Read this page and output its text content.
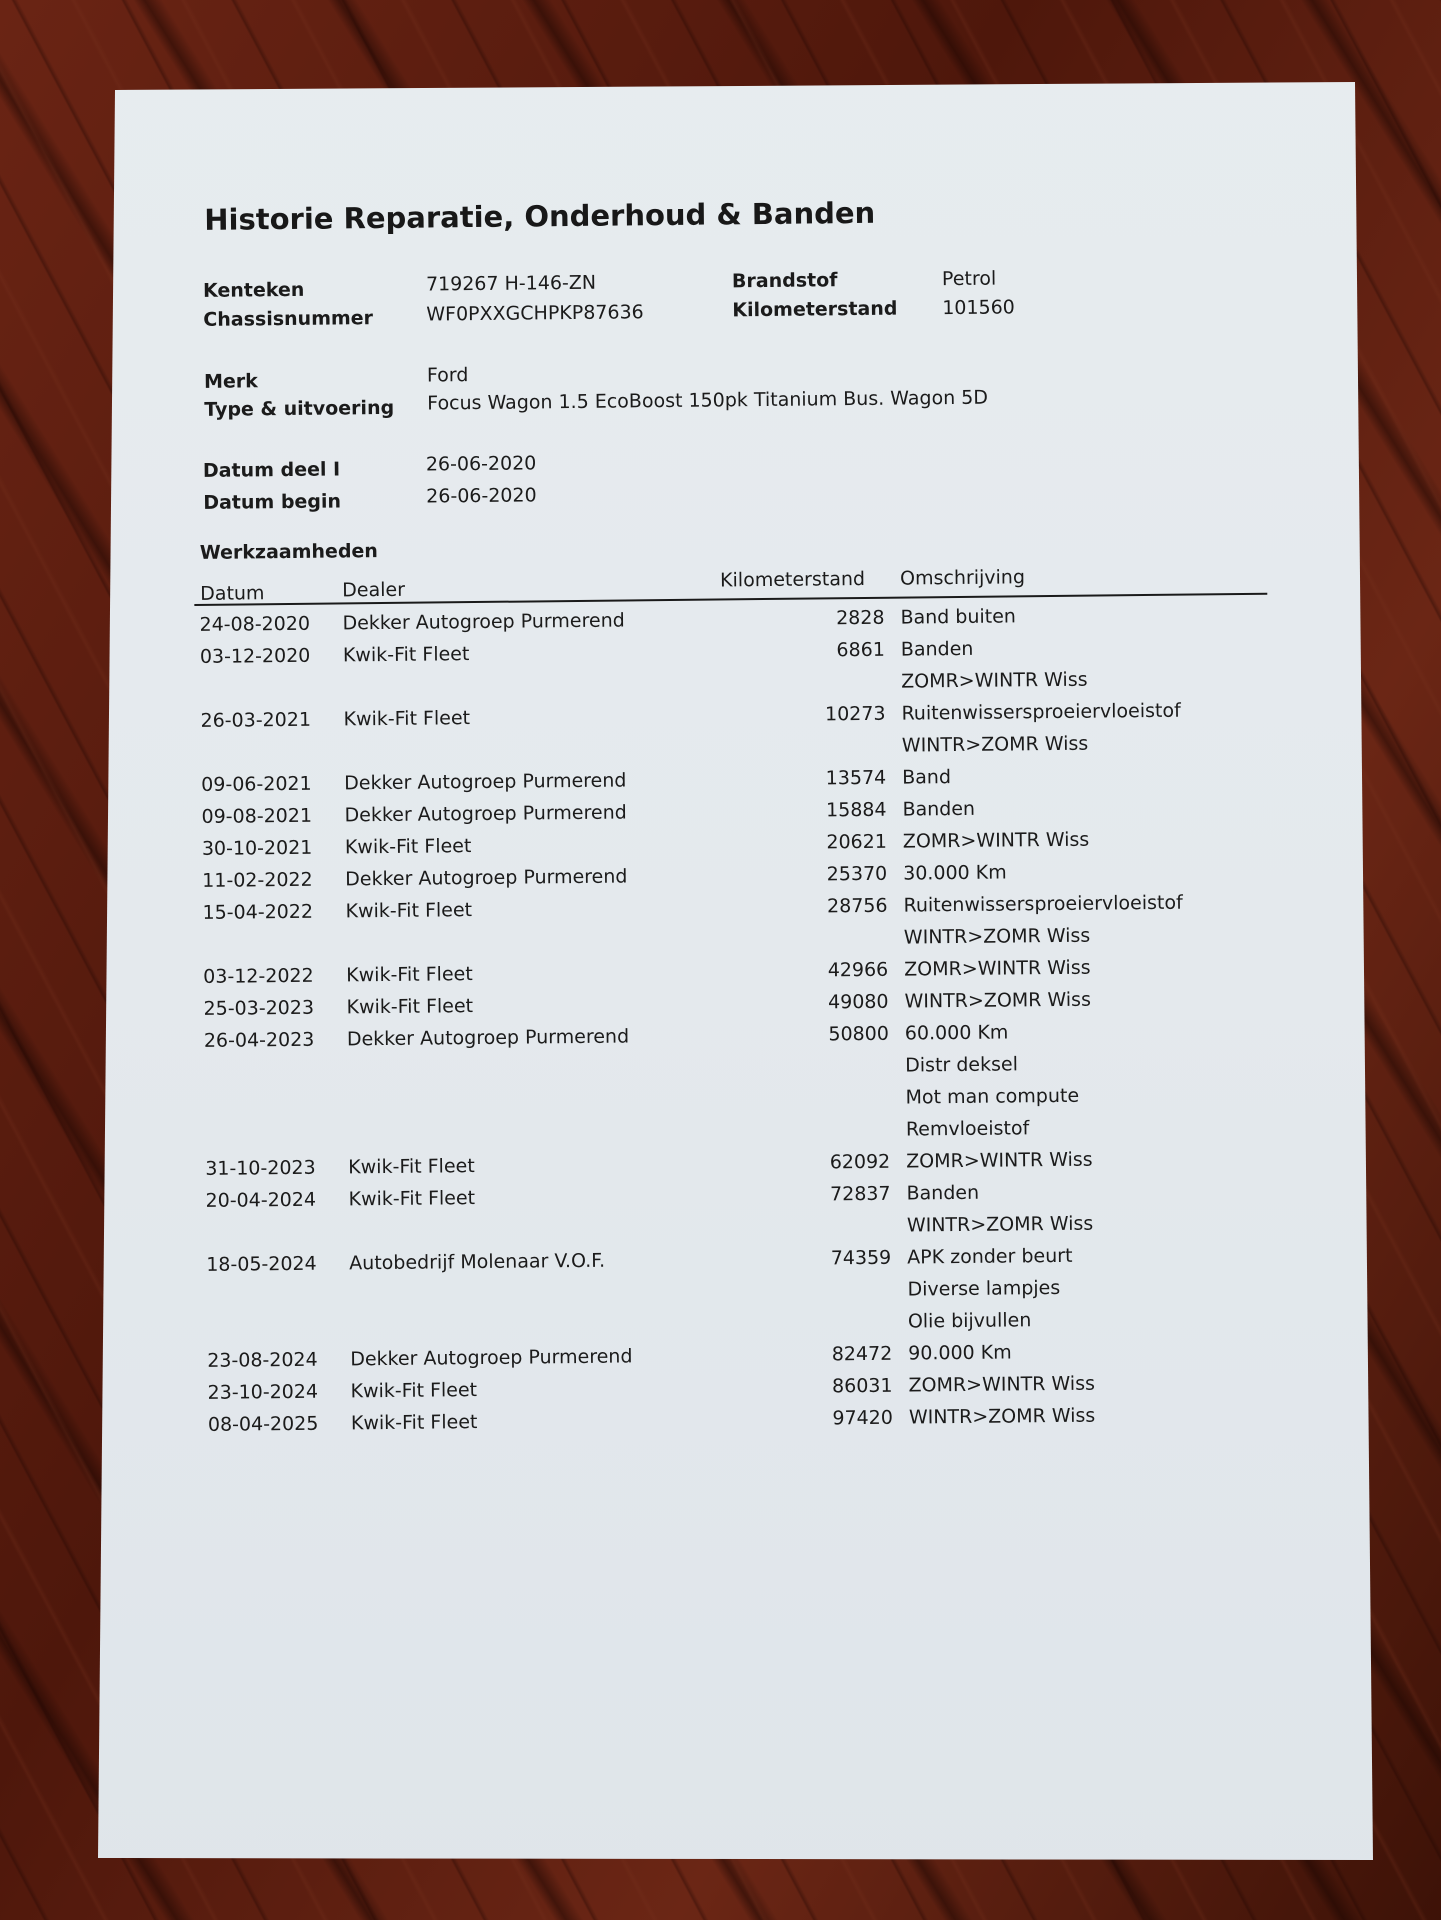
Historie Reparatie, Onderhoud & Banden
Kenteken	719267 H-146-ZN
Chassisnummer	WF0PXXGCHPKP87636
Brandstof	Petrol
Kilometerstand 101560
Merk	Ford
Type & uitvoering Focus Wagon 1.5 EcoBoost 150pk Titanium Bus. Wagon 5D
Datum deel I	26-06-2020
Datum begin	26-06-2020
Werkzaamheden
Datum	Dealer	Kilometerstand Omschrijving
24-08-2020 Dekker Autogroep Purmerend	2828 Band buiten
03-12-2020 Kwik-Fit Fleet	6861 Banden
ZOMR>WINTR Wiss
26-03-2021 Kwik-Fit Fleet	10273 Ruitenwissersproeiervloeistof
WINTR>ZOMR Wiss
09-06-2021 Dekker Autogroep Purmerend	13574 Band
09-08-2021 Dekker Autogroep Purmerend	15884 Banden
30-10-2021 Kwik-Fit Fleet	20621 ZOMR>WINTR Wiss
11-02-2022 Dekker Autogroep Purmerend	25370 30.000 Km
15-04-2022 Kwik-Fit Fleet	28756 Ruitenwissersproeiervloeistof
WINTR>ZOMR Wiss
03-12-2022 Kwik-Fit Fleet	42966 ZOMR>WINTR Wiss
25-03-2023 Kwik-Fit Fleet	49080 WINTR>ZOMR Wiss
26-04-2023 Dekker Autogroep Purmerend	50800 60.000 Km
Distr deksel
Mot man compute
Remvloeistof
31-10-2023 Kwik-Fit Fleet	62092 ZOMR>WINTR Wiss
20-04-2024 Kwik-Fit Fleet	72837 Banden
WINTR>ZOMR Wiss
18-05-2024 Autobedrijf Molenaar V.O.F.	74359 APK zonder beurt
Diverse lampjes
Olie bijvullen
23-08-2024 Dekker Autogroep Purmerend	82472 90.000 Km
23-10-2024 Kwik-Fit Fleet	86031 ZOMR>WINTR Wiss
08-04-2025 Kwik-Fit Fleet	97420 WINTR>ZOMR Wiss
